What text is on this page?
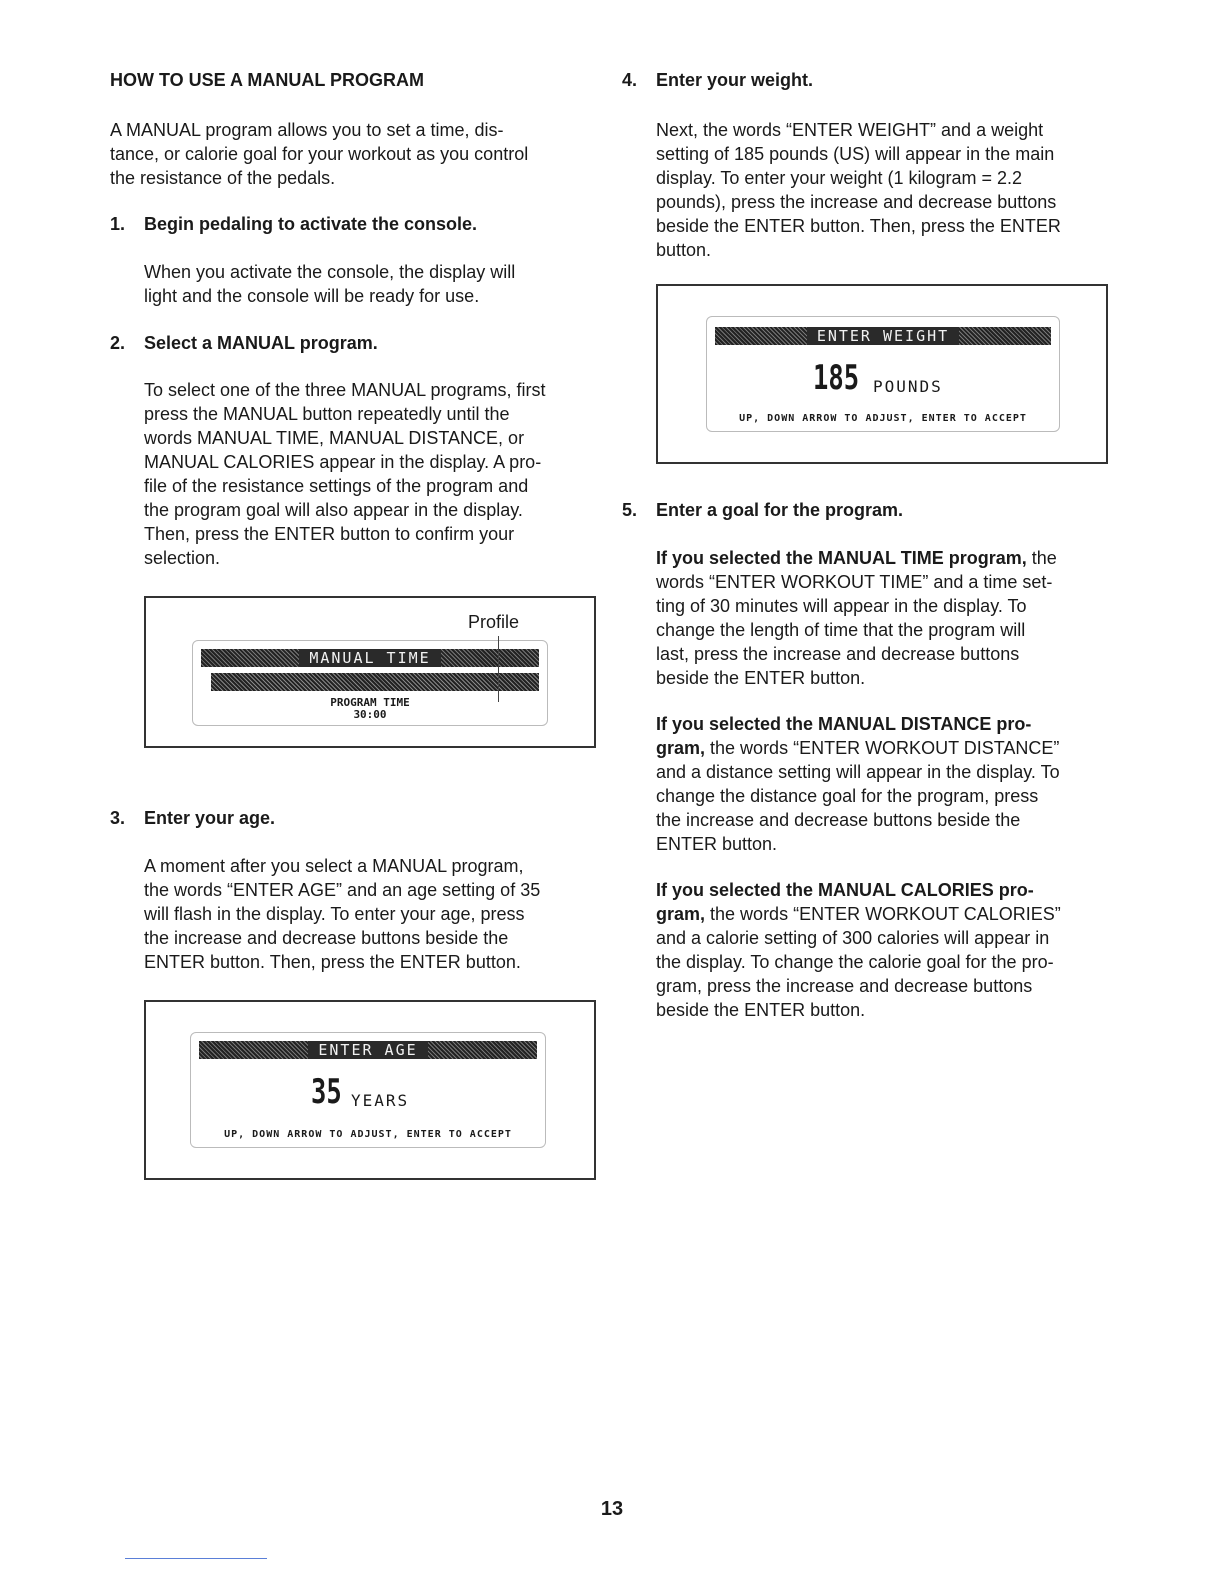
HOW TO USE A MANUAL PROGRAM

A MANUAL program allows you to set a time, dis-
tance, or calorie goal for your workout as you control
the resistance of the pedals.

1. Begin pedaling to activate the console.

When you activate the console, the display will
light and the console will be ready for use.

2. Select a MANUAL program.

To select one of the three MANUAL programs, first
press the MANUAL button repeatedly until the
words MANUAL TIME, MANUAL DISTANCE, or
MANUAL CALORIES appear in the display. A pro-
file of the resistance settings of the program and
the program goal will also appear in the display.
Then, press the ENTER button to confirm your
selection.

3. Enter your age.

A moment after you select a MANUAL program,
the words “ENTER AGE” and an age setting of 35
will flash in the display. To enter your age, press
the increase and decrease buttons beside the
ENTER button. Then, press the ENTER button.

Profile
MANUAL TIME
PROGRAM TIME
30:00
ENTER AGE
35 YEARS
UP, DOWN ARROW TO ADJUST, ENTER TO ACCEPT
4. Enter your weight.

Next, the words “ENTER WEIGHT” and a weight
setting of 185 pounds (US) will appear in the main
display. To enter your weight (1 kilogram = 2.2
pounds), press the increase and decrease buttons
beside the ENTER button. Then, press the ENTER
button.

5. Enter a goal for the program.

If you selected the MANUAL TIME program, the
words “ENTER WORKOUT TIME” and a time set-
ting of 30 minutes will appear in the display. To
change the length of time that the program will
last, press the increase and decrease buttons
beside the ENTER button.

If you selected the MANUAL DISTANCE pro-
gram, the words “ENTER WORKOUT DISTANCE”
and a distance setting will appear in the display. To
change the distance goal for the program, press
the increase and decrease buttons beside the
ENTER button.

If you selected the MANUAL CALORIES pro-
gram, the words “ENTER WORKOUT CALORIES”
and a calorie setting of 300 calories will appear in
the display. To change the calorie goal for the pro-
gram, press the increase and decrease buttons
beside the ENTER button.

ENTER WEIGHT
185 POUNDS
UP, DOWN ARROW TO ADJUST, ENTER TO ACCEPT
13
